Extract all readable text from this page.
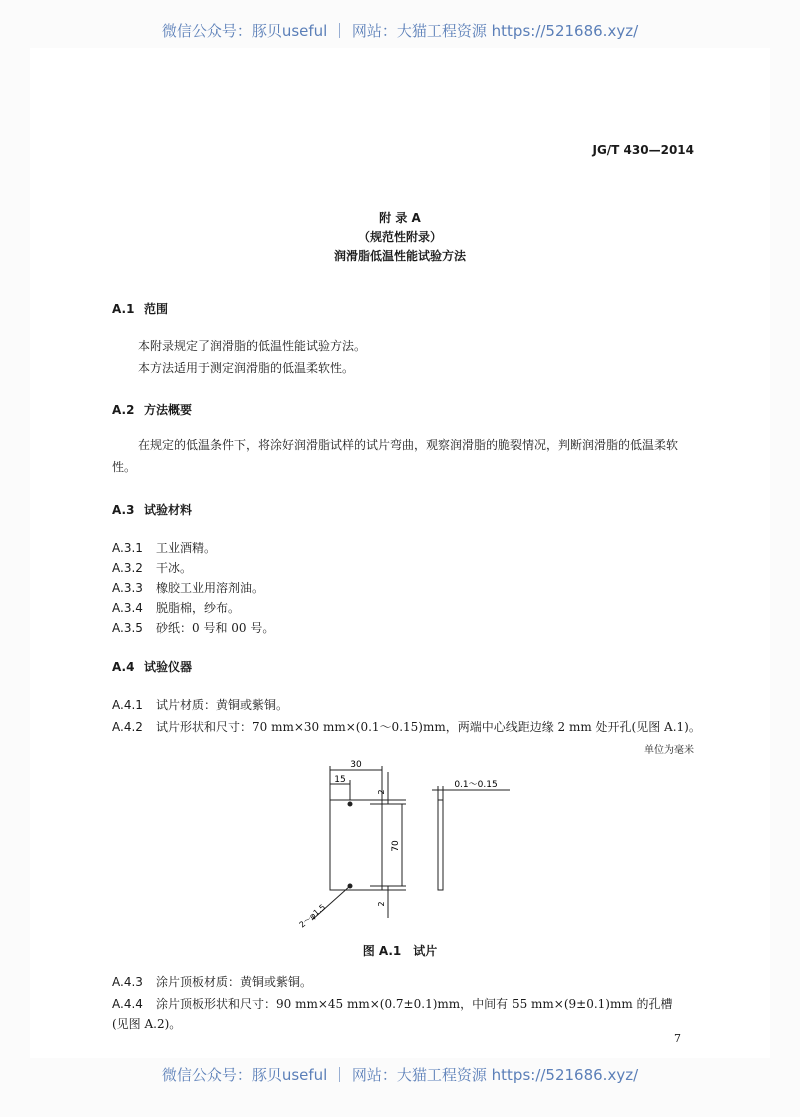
微信公众号：豚贝useful ｜ 网站：大猫工程资源 https://521686.xyz/
JG/T 430—2014
附 录 A
（规范性附录）
润滑脂低温性能试验方法
A.1 范围
本附录规定了润滑脂的低温性能试验方法。
本方法适用于测定润滑脂的低温柔软性。
A.2 方法概要
在规定的低温条件下，将涂好润滑脂试样的试片弯曲，观察润滑脂的脆裂情况，判断润滑脂的低温柔软性。
A.3 试验材料
A.3.1 工业酒精。
A.3.2 干冰。
A.3.3 橡胶工业用溶剂油。
A.3.4 脱脂棉，纱布。
A.3.5 砂纸：0 号和 00 号。
A.4 试验仪器
A.4.1 试片材质：黄铜或紫铜。
A.4.2 试片形状和尺寸：70 mm×30 mm×(0.1～0.15)mm，两端中心线距边缘 2 mm 处开孔(见图 A.1)。
单位为毫米
30
15
2
70
2
0.1～0.15
2～φ1.5
图 A.1　试片
A.4.3 涂片顶板材质：黄铜或紫铜。
A.4.4 涂片顶板形状和尺寸：90 mm×45 mm×(0.7±0.1)mm，中间有 55 mm×(9±0.1)mm 的孔槽
(见图 A.2)。
7
微信公众号：豚贝useful ｜ 网站：大猫工程资源 https://521686.xyz/
